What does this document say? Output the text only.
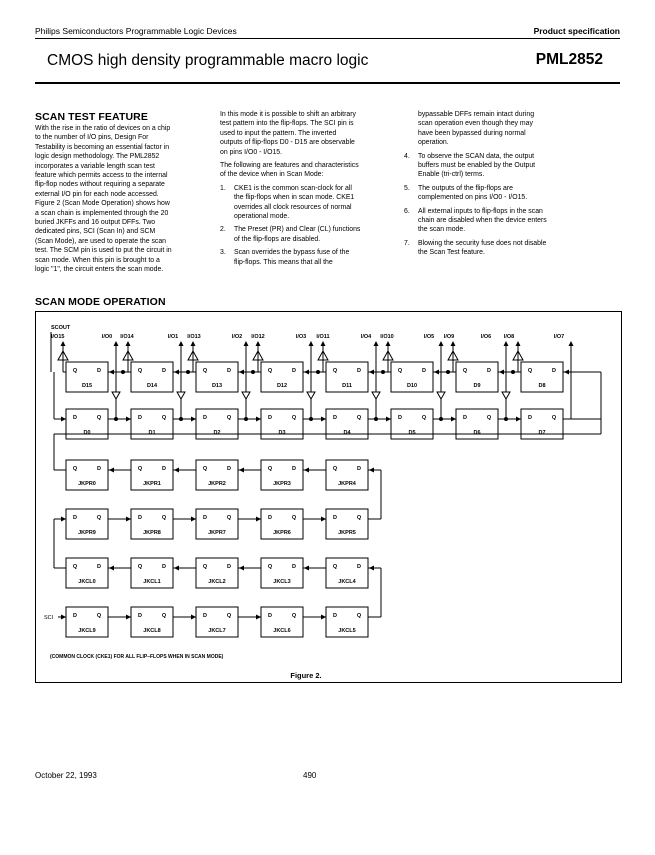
Philips Semiconductors Programmable Logic Devices	Product specification
CMOS high density programmable macro logic	PML2852
SCAN TEST FEATURE
With the rise in the ratio of devices on a chip
to the number of I/O pins, Design For
Testability is becoming an essential factor in
logic design methodology. The PML2852
incorporates a variable length scan test
feature which permits access to the internal
flip-flop nodes without requiring a separate
external I/O pin for each node accessed.
Figure 2 (Scan Mode Operation) shows how
a scan chain is implemented through the 20
buried JKFFs and 16 output DFFs. Two
dedicated pins, SCI (Scan In) and SCM
(Scan Mode), are used to operate the scan
test. The SCM pin is used to put the circuit in
scan mode. When this pin is brought to a
logic "1", the circuit enters the scan mode.

In this mode it is possible to shift an arbitrary
test pattern into the flip-flops. The SCI pin is
used to input the pattern. The inverted
outputs of flip-flops D0 - D15 are observable
on pins I/O0 - I/O15.

The following are features and characteristics
of the device when in Scan Mode:

1. CKE1 is the common scan-clock for all
the flip-flops when in scan mode. CKE1
overrides all clock resources of normal
operational mode.
2. The Preset (PR) and Clear (CL) functions
of the flip-flops are disabled.
3. Scan overrides the bypass fuse of the
flip-flops. This means that all the

bypassable DFFs remain intact during
scan operation even though they may
have been bypassed during normal
operation.

4. To observe the SCAN data, the output
buffers must be enabled by the Output
Enable (tri-ctrl) terms.
5. The outputs of the flip-flops are
complemented on pins I/O0 - I/O15.
6. All external inputs to flip-flops in the scan
chain are disabled when the device enters
the scan mode.
7. Blowing the security fuse does not disable
the Scan Test feature.
SCAN MODE OPERATION
SCOUT
I/O15	I/O0 I/O14	I/O1 I/O13	I/O2 I/O12	I/O3 I/O11	I/O4 I/O10	I/O5 I/O9	I/O6 I/O8	I/O7
Q	D
D15
Q	D
D14
Q	D
D13
Q	D
D12
Q	D
D11
Q	D
D10
Q	D
D9
Q	D
D8
D	Q
D0
D	Q
D1
D	Q
D2
D	Q
D3
D	Q
D4
D	Q
D5
D	Q
D6
D	Q
D7
Q	D
JKPR0
Q	D
JKPR1
Q	D
JKPR2
Q	D
JKPR3
Q	D
JKPR4
D	Q
JKPR9
D	Q
JKPR8
D	Q
JKPR7
D	Q
JKPR6
D	Q
JKPR5
Q	D
JKCL0
Q	D
JKCL1
Q	D
JKCL2
Q	D
JKCL3
Q	D
JKCL4
D	Q
JKCL9
D	Q
JKCL8
D	Q
JKCL7
D	Q
JKCL6
D	Q
JKCL5
SCI
(COMMON CLOCK (CKE1) FOR ALL FLIP–FLOPS WHEN IN SCAN MODE)
Figure 2.
October 22, 1993	490
